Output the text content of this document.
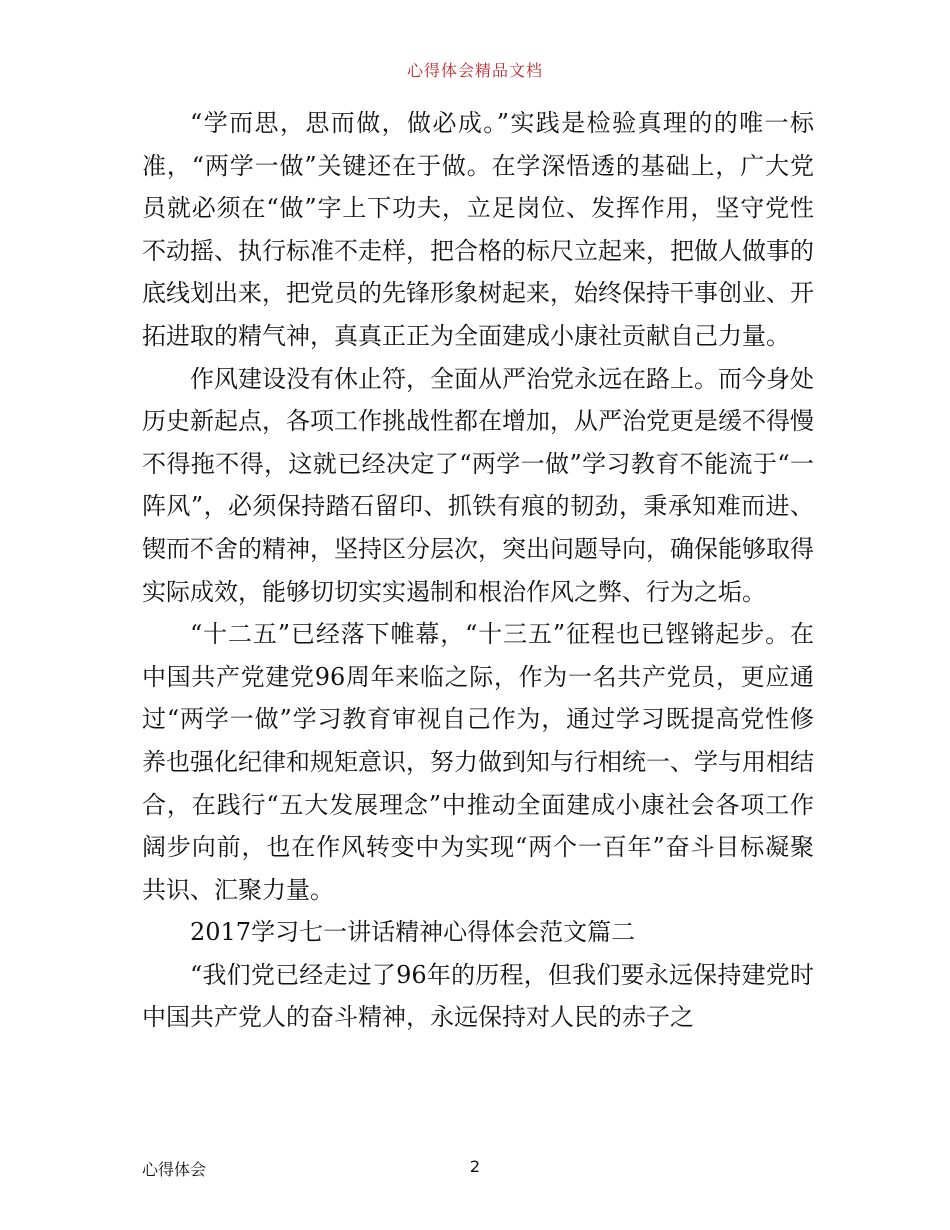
心得体会精品文档

“学而思，思而做，做必成。”实践是检验真理的的唯一标准，“两学一做”关键还在于做。在学深悟透的基础上，广大党员就必须在“做”字上下功夫，立足岗位、发挥作用，坚守党性不动摇、执行标准不走样，把合格的标尺立起来，把做人做事的底线划出来，把党员的先锋形象树起来，始终保持干事创业、开拓进取的精气神，真真正正为全面建成小康社贡献自己力量。

作风建设没有休止符，全面从严治党永远在路上。而今身处历史新起点，各项工作挑战性都在增加，从严治党更是缓不得慢不得拖不得，这就已经决定了“两学一做”学习教育不能流于“一阵风”，必须保持踏石留印、抓铁有痕的韧劲，秉承知难而进、锲而不舍的精神，坚持区分层次，突出问题导向，确保能够取得实际成效，能够切切实实遏制和根治作风之弊、行为之垢。

“十二五”已经落下帷幕，“十三五”征程也已铿锵起步。在中国共产党建党96周年来临之际，作为一名共产党员，更应通过“两学一做”学习教育审视自己作为，通过学习既提高党性修养也强化纪律和规矩意识，努力做到知与行相统一、学与用相结合，在践行“五大发展理念”中推动全面建成小康社会各项工作阔步向前，也在作风转变中为实现“两个一百年”奋斗目标凝聚共识、汇聚力量。

2017学习七一讲话精神心得体会范文篇二

“我们党已经走过了96年的历程，但我们要永远保持建党时中国共产党人的奋斗精神，永远保持对人民的赤子之

心得体会	2
